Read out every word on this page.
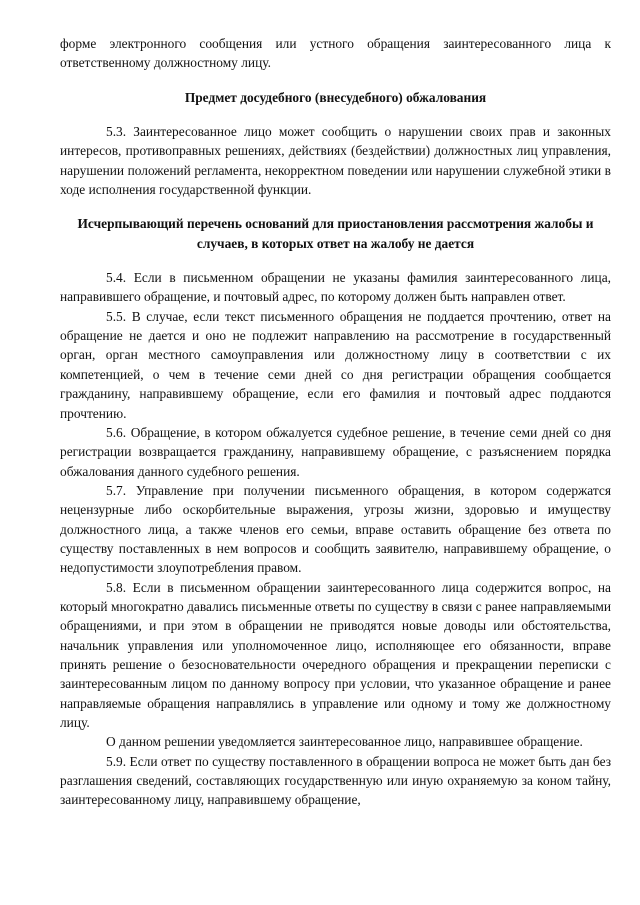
форме электронного сообщения или устного обращения заинтересованного лица к ответственному должностному лицу.

Предмет досудебного (внесудебного) обжалования

5.3. Заинтересованное лицо может сообщить о нарушении своих прав и законных интересов, противоправных решениях, действиях (бездействии) должностных лиц управления, нарушении положений регламента, некорректном поведении или нарушении служебной этики в ходе исполнения государственной функции.

Исчерпывающий перечень оснований для приостановления рассмотрения жалобы и случаев, в которых ответ на жалобу не дается

5.4. Если в письменном обращении не указаны фамилия заинтересованного лица, направившего обращение, и почтовый адрес, по которому должен быть направлен ответ.

5.5. В случае, если текст письменного обращения не поддается прочтению, ответ на обращение не дается и оно не подлежит направлению на рассмотрение в государственный орган, орган местного самоуправления или должностному лицу в соответствии с их компетенцией, о чем в течение семи дней со дня регистрации обращения сообщается гражданину, направившему обращение, если его фамилия и почтовый адрес поддаются прочтению.

5.6. Обращение, в котором обжалуется судебное решение, в течение семи дней со дня регистрации возвращается гражданину, направившему обращение, с разъяснением порядка обжалования данного судебного решения.

5.7. Управление при получении письменного обращения, в котором содержатся нецензурные либо оскорбительные выражения, угрозы жизни, здоровью и имуществу должностного лица, а также членов его семьи, вправе оставить обращение без ответа по существу поставленных в нем вопросов и сообщить заявителю, направившему обращение, о недопустимости злоупотребления правом.

5.8. Если в письменном обращении заинтересованного лица содержится вопрос, на который многократно давались письменные ответы по существу в связи с ранее направляемыми обращениями, и при этом в обращении не приводятся новые доводы или обстоятельства, начальник управления или уполномоченное лицо, исполняющее его обязанности, вправе принять решение о безосновательности очередного обращения и прекращении переписки с заинтересованным лицом по данному вопросу при условии, что указанное обращение и ранее направляемые обращения направлялись в управление или одному и тому же должностному лицу.

О данном решении уведомляется заинтересованное лицо, направившее обращение.

5.9. Если ответ по существу поставленного в обращении вопроса не может быть дан без разглашения сведений, составляющих государственную или иную охраняемую за коном тайну, заинтересованному лицу, направившему обращение,
